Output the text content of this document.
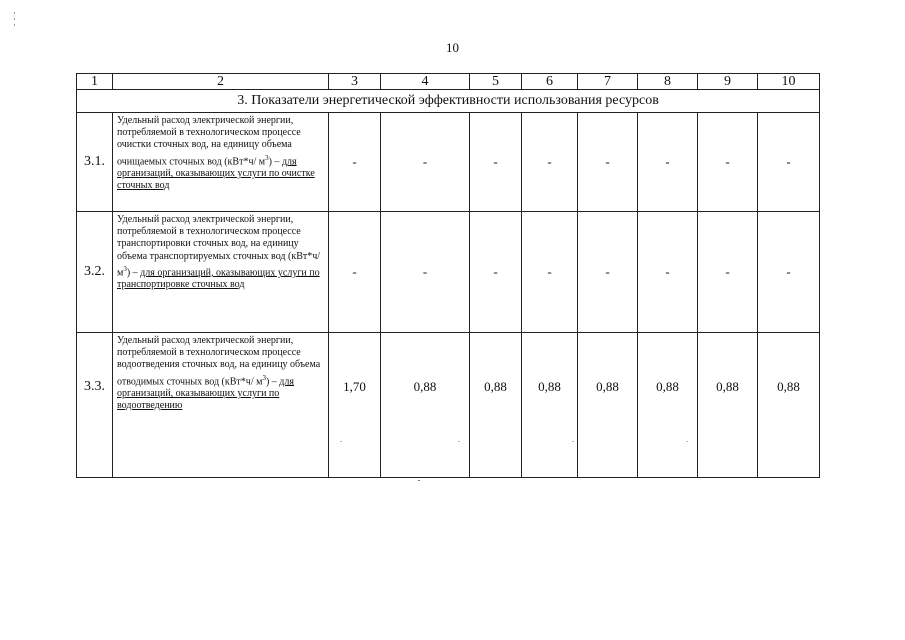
10
1	2	3	4	5	6	7	8	9	10
3. Показатели энергетической эффективности использования ресурсов									
3.1.	Удельный расход электрической энергии, потребляемой в технологическом процессе очистки сточных вод, на единицу объема очищаемых сточных вод (кВт*ч/ $м^3$) – для организаций, оказывающих услуги по очистке сточных вод	-	-	-	-	-	-	-	-
3.2.	Удельный расход электрической энергии, потребляемой в технологическом процессе транспортировки сточных вод, на единицу объема транспортируемых сточных вод (кВт*ч/ $м^3$) – для организаций, оказывающих услуги по транспортировке сточных вод	-	-	-	-	-	-	-	-
3.3.	Удельный расход электрической энергии, потребляемой в технологическом процессе водоотведения сточных вод, на единицу объема отводимых сточных вод (кВт*ч/ $м^3$) – для организаций, оказывающих услуги по водоотведению	1,70	0,88	0,88	0,88	0,88	0,88	0,88	0,88
